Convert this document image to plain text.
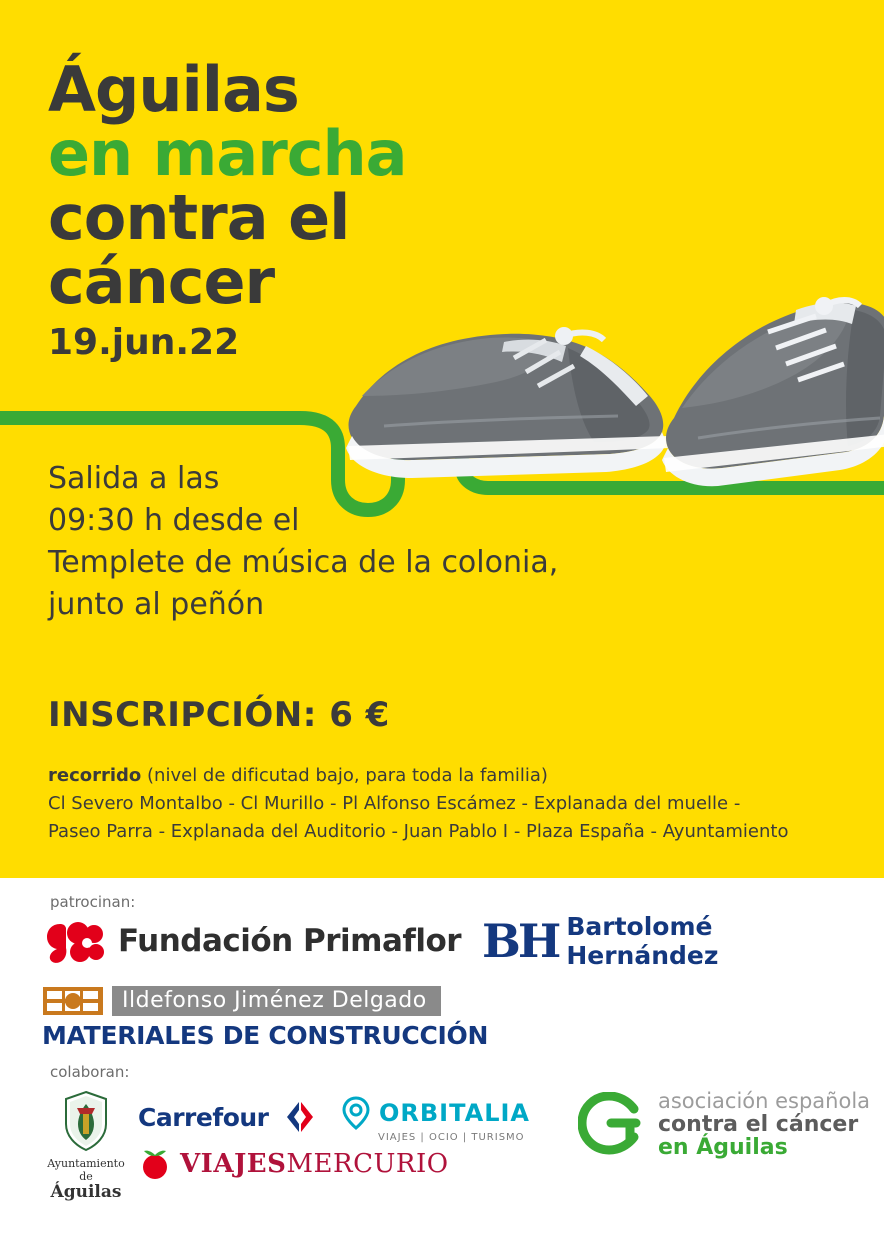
Águilas
en marcha
contra el
cáncer
19.jun.22
Salida a las
09:30 h desde el
Templete de música de la colonia,
junto al peñón
INSCRIPCIÓN: 6 €
recorrido (nivel de dificutad bajo, para toda la familia)
Cl Severo Montalbo - Cl Murillo - Pl Alfonso Escámez - Explanada del muelle -
Paseo Parra - Explanada del Auditorio - Juan Pablo I - Plaza España - Ayuntamiento
patrocinan:
Fundación Primaflor BH Bartolomé
Hernández
Ildefonso Jiménez Delgado
MATERIALES DE CONSTRUCCIÓN
colaboran:
Ayuntamiento
de
Águilas
Carrefour	ORBITALIA
VIAJES | OCIO | TURISMO
VIAJESMERCURIO
asociación española
contra el cáncer
en Águilas
